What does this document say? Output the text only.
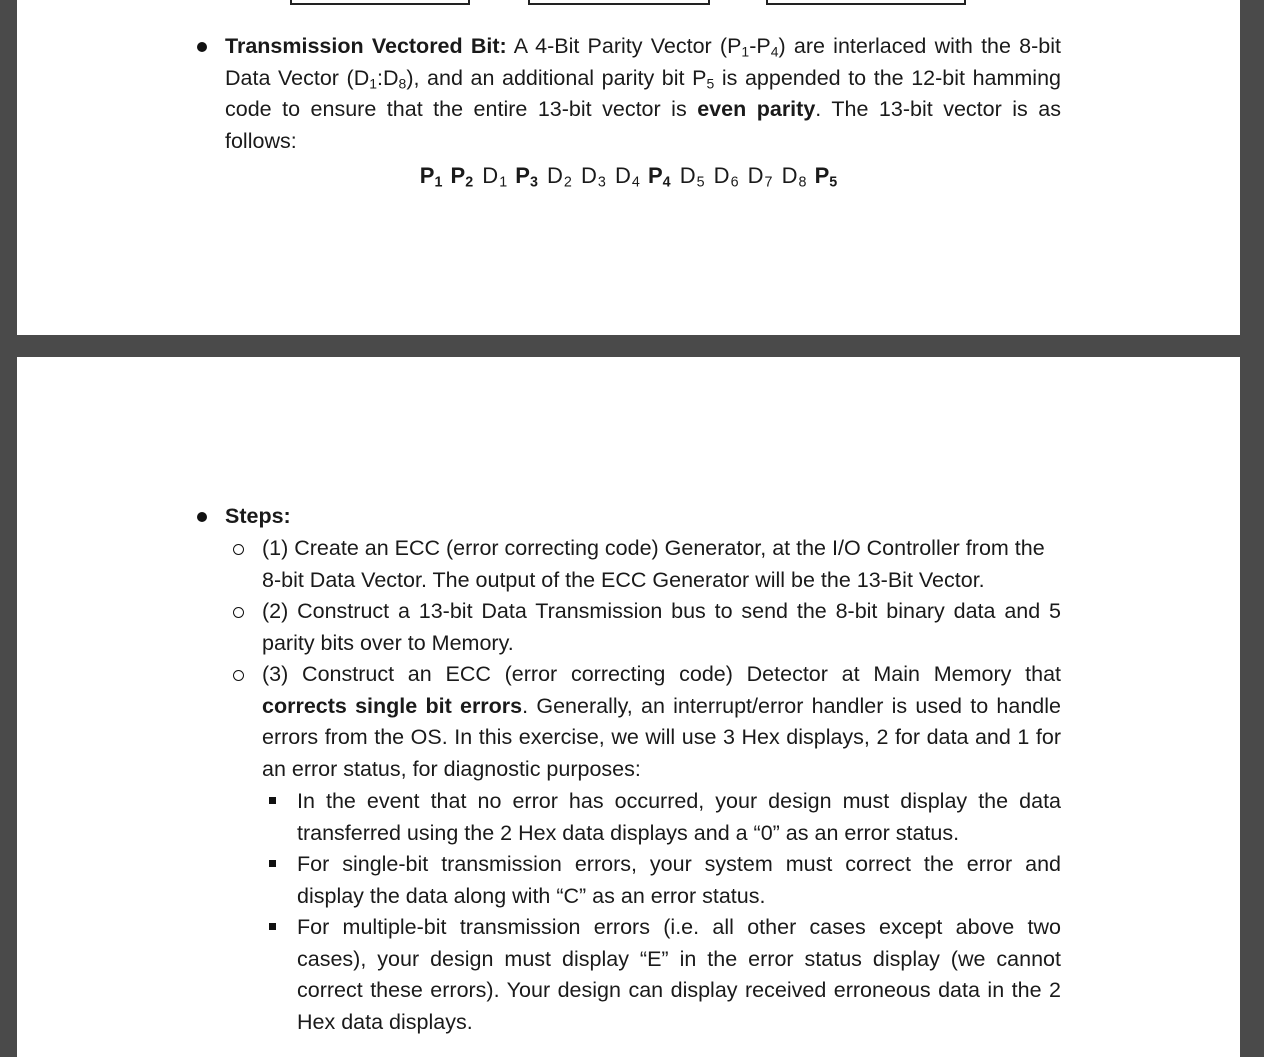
Transmission Vectored Bit: A 4-Bit Parity Vector $(P_1-P_4)$ are interlaced with the 8-bit Data Vector $(D_1:D_8)$, and an additional parity bit $P_5$ is appended to the 12-bit hamming code to ensure that the entire 13-bit vector is even parity. The 13-bit vector is as follows:
$P_1$ $P_2$ $D_1$ $P_3$ $D_2$ $D_3$ $D_4$ $P_4$ $D_5$ $D_6$ $D_7$ $D_8$ $P_5$
Steps:
(1) Create an ECC (error correcting code) Generator, at the I/O Controller from the 8-bit Data Vector. The output of the ECC Generator will be the 13-Bit Vector.
(2) Construct a 13-bit Data Transmission bus to send the 8-bit binary data and 5 parity bits over to Memory.
(3) Construct an ECC (error correcting code) Detector at Main Memory that corrects single bit errors. Generally, an interrupt/error handler is used to handle errors from the OS. In this exercise, we will use 3 Hex displays, 2 for data and 1 for an error status, for diagnostic purposes:
In the event that no error has occurred, your design must display the data transferred using the 2 Hex data displays and a “0” as an error status.
For single-bit transmission errors, your system must correct the error and display the data along with “C” as an error status.
For multiple-bit transmission errors (i.e. all other cases except above two cases), your design must display “E” in the error status display (we cannot correct these errors). Your design can display received erroneous data in the 2 Hex data displays.
